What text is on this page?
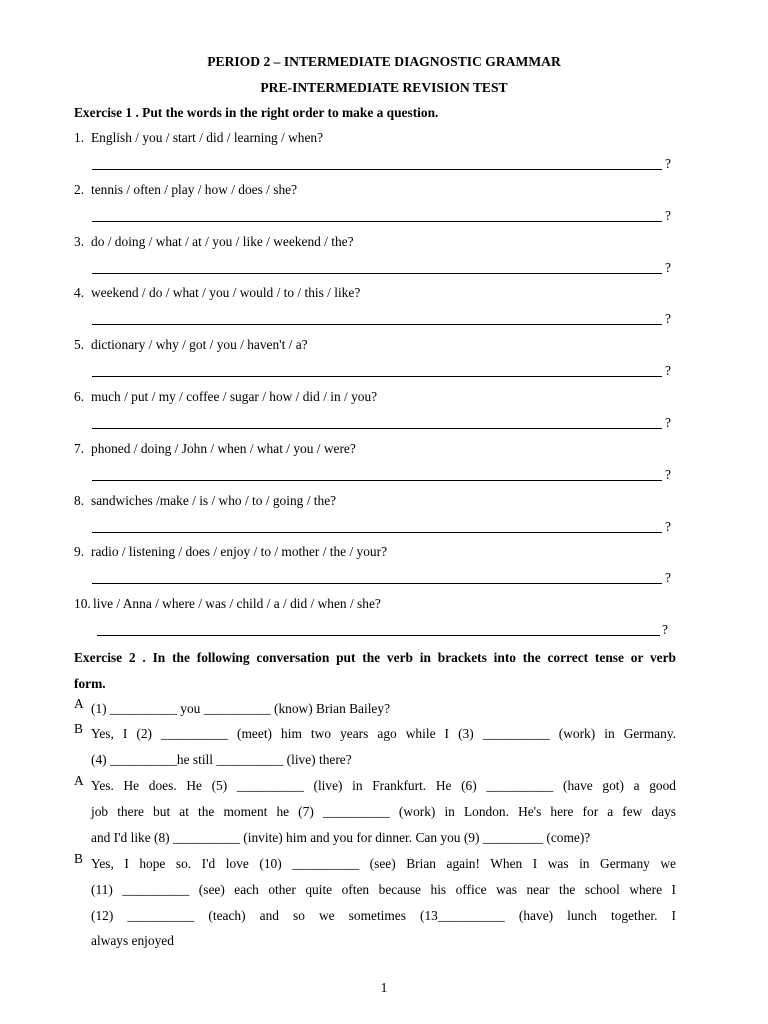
PERIOD 2 – INTERMEDIATE DIAGNOSTIC GRAMMAR
PRE-INTERMEDIATE REVISION TEST
Exercise 1 . Put the words in the right order to make a question.
1. English / you / start / did / learning / when?
?
2. tennis / often / play / how / does / she?
?
3. do / doing / what / at / you / like / weekend / the?
?
4. weekend / do / what / you / would / to / this / like?
?
5. dictionary / why / got / you / haven't / a?
?
6. much / put / my / coffee / sugar / how / did / in / you?
?
7. phoned / doing / John / when / what / you / were?
?
8. sandwiches /make / is / who / to / going / the?
?
9. radio / listening / does / enjoy / to / mother / the / your?
?
10. live / Anna / where / was / child / a / did / when / she?
?
Exercise 2 . In the following conversation put the verb in brackets into the correct tense or verb
form.
A (1) __________ you __________ (know) Brian Bailey?
B Yes, I (2) __________ (meet) him two years ago while I (3) __________ (work) in Germany.
(4) __________he still __________ (live) there?
A Yes. He does. He (5) __________ (live) in Frankfurt. He (6) __________ (have got) a good
job there but at the moment he (7) __________ (work) in London. He's here for a few days
and I'd like (8) __________ (invite) him and you for dinner. Can you (9) _________ (come)?
B Yes, I hope so. I'd love (10) __________ (see) Brian again! When I was in Germany we
(11) __________ (see) each other quite often because his office was near the school where I
(12) __________ (teach) and so we sometimes (13__________ (have) lunch together. I
always enjoyed
1
